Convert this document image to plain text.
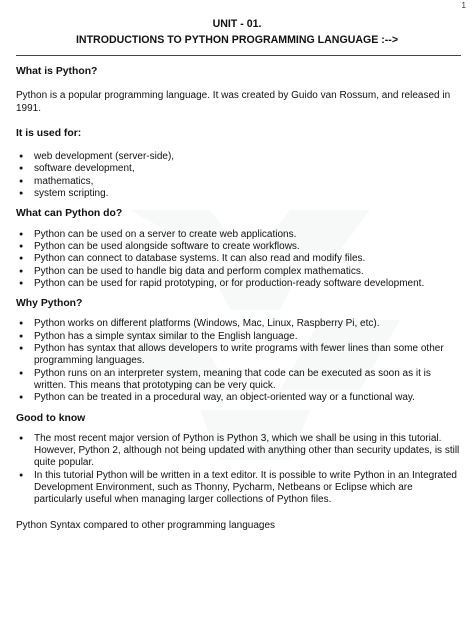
1
UNIT - 01.
INTRODUCTIONS TO PYTHON PROGRAMMING LANGUAGE :-->
What is Python?

Python is a popular programming language. It was created by Guido van Rossum, and released in 1991.

It is used for:
● web development (server-side),
● software development,
● mathematics,
● system scripting.
What can Python do?
● Python can be used on a server to create web applications.
● Python can be used alongside software to create workflows.
● Python can connect to database systems. It can also read and modify files.
● Python can be used to handle big data and perform complex mathematics.
● Python can be used for rapid prototyping, or for production-ready software development.
Why Python?
● Python works on different platforms (Windows, Mac, Linux, Raspberry Pi, etc).
● Python has a simple syntax similar to the English language.
● Python has syntax that allows developers to write programs with fewer lines than some other programming languages.
● Python runs on an interpreter system, meaning that code can be executed as soon as it is written. This means that prototyping can be very quick.
● Python can be treated in a procedural way, an object-oriented way or a functional way.
Good to know
● The most recent major version of Python is Python 3, which we shall be using in this tutorial. However, Python 2, although not being updated with anything other than security updates, is still quite popular.
● In this tutorial Python will be written in a text editor. It is possible to write Python in an Integrated Development Environment, such as Thonny, Pycharm, Netbeans or Eclipse which are particularly useful when managing larger collections of Python files.

Python Syntax compared to other programming languages
